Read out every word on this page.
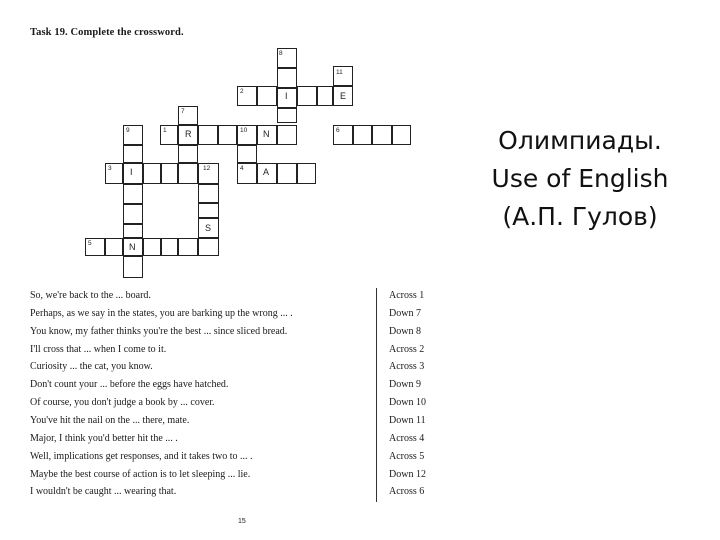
Task 19. Complete the crossword.
8
11
2
7
9	1	10	6
3	12	4
5
I	E
R	N
I	A
S
N
So, we're back to the ... board.	Across 1
Perhaps, as we say in the states, you are barking up the wrong ... .	Down 7
You know, my father thinks you're the best ... since sliced bread.	Down 8
I'll cross that ... when I come to it.	Across 2
Curiosity ... the cat, you know.	Across 3
Don't count your ... before the eggs have hatched.	Down 9
Of course, you don't judge a book by ... cover.	Down 10
You've hit the nail on the ... there, mate.	Down 11
Major, I think you'd better hit the ... .	Across 4
Well, implications get responses, and it takes two to ... .	Across 5
Maybe the best course of action is to let sleeping ... lie.	Down 12
I wouldn't be caught ... wearing that.	Across 6
15
Олимпиады.
Use of English
(А.П. Гулов)
